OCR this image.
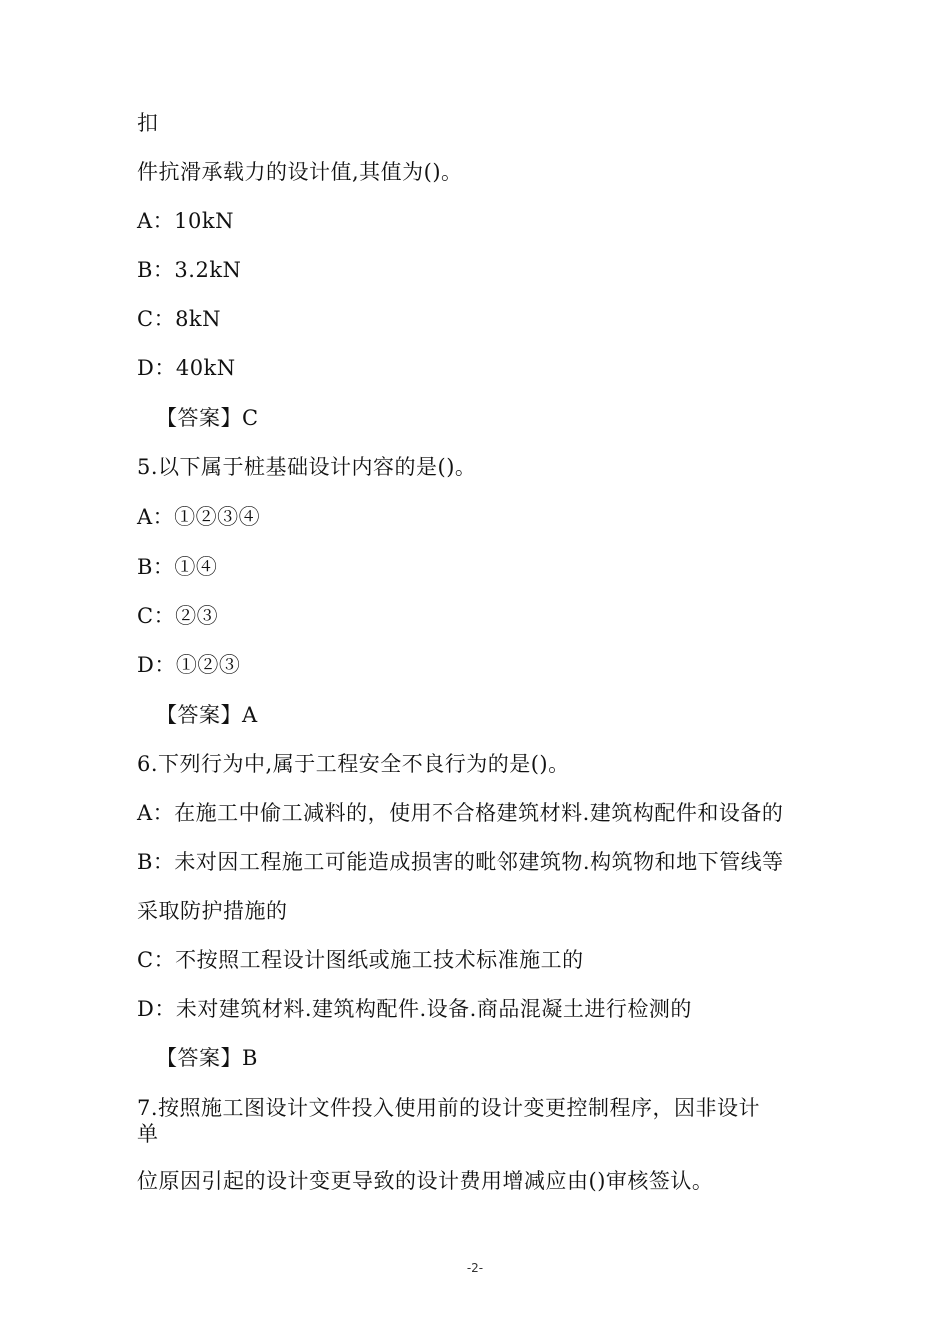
扣
件抗滑承载力的设计值,其值为()。
A：10kN
B：3.2kN
C：8kN
D：40kN
【答案】C
5.以下属于桩基础设计内容的是()。
A：①②③④
B：①④
C：②③
D：①②③
【答案】A
6.下列行为中,属于工程安全不良行为的是()。
A：在施工中偷工减料的，使用不合格建筑材料.建筑构配件和设备的
B：未对因工程施工可能造成损害的毗邻建筑物.构筑物和地下管线等
采取防护措施的
C：不按照工程设计图纸或施工技术标准施工的
D：未对建筑材料.建筑构配件.设备.商品混凝土进行检测的
【答案】B
7.按照施工图设计文件投入使用前的设计变更控制程序，因非设计
单
位原因引起的设计变更导致的设计费用增减应由()审核签认。
-2-
